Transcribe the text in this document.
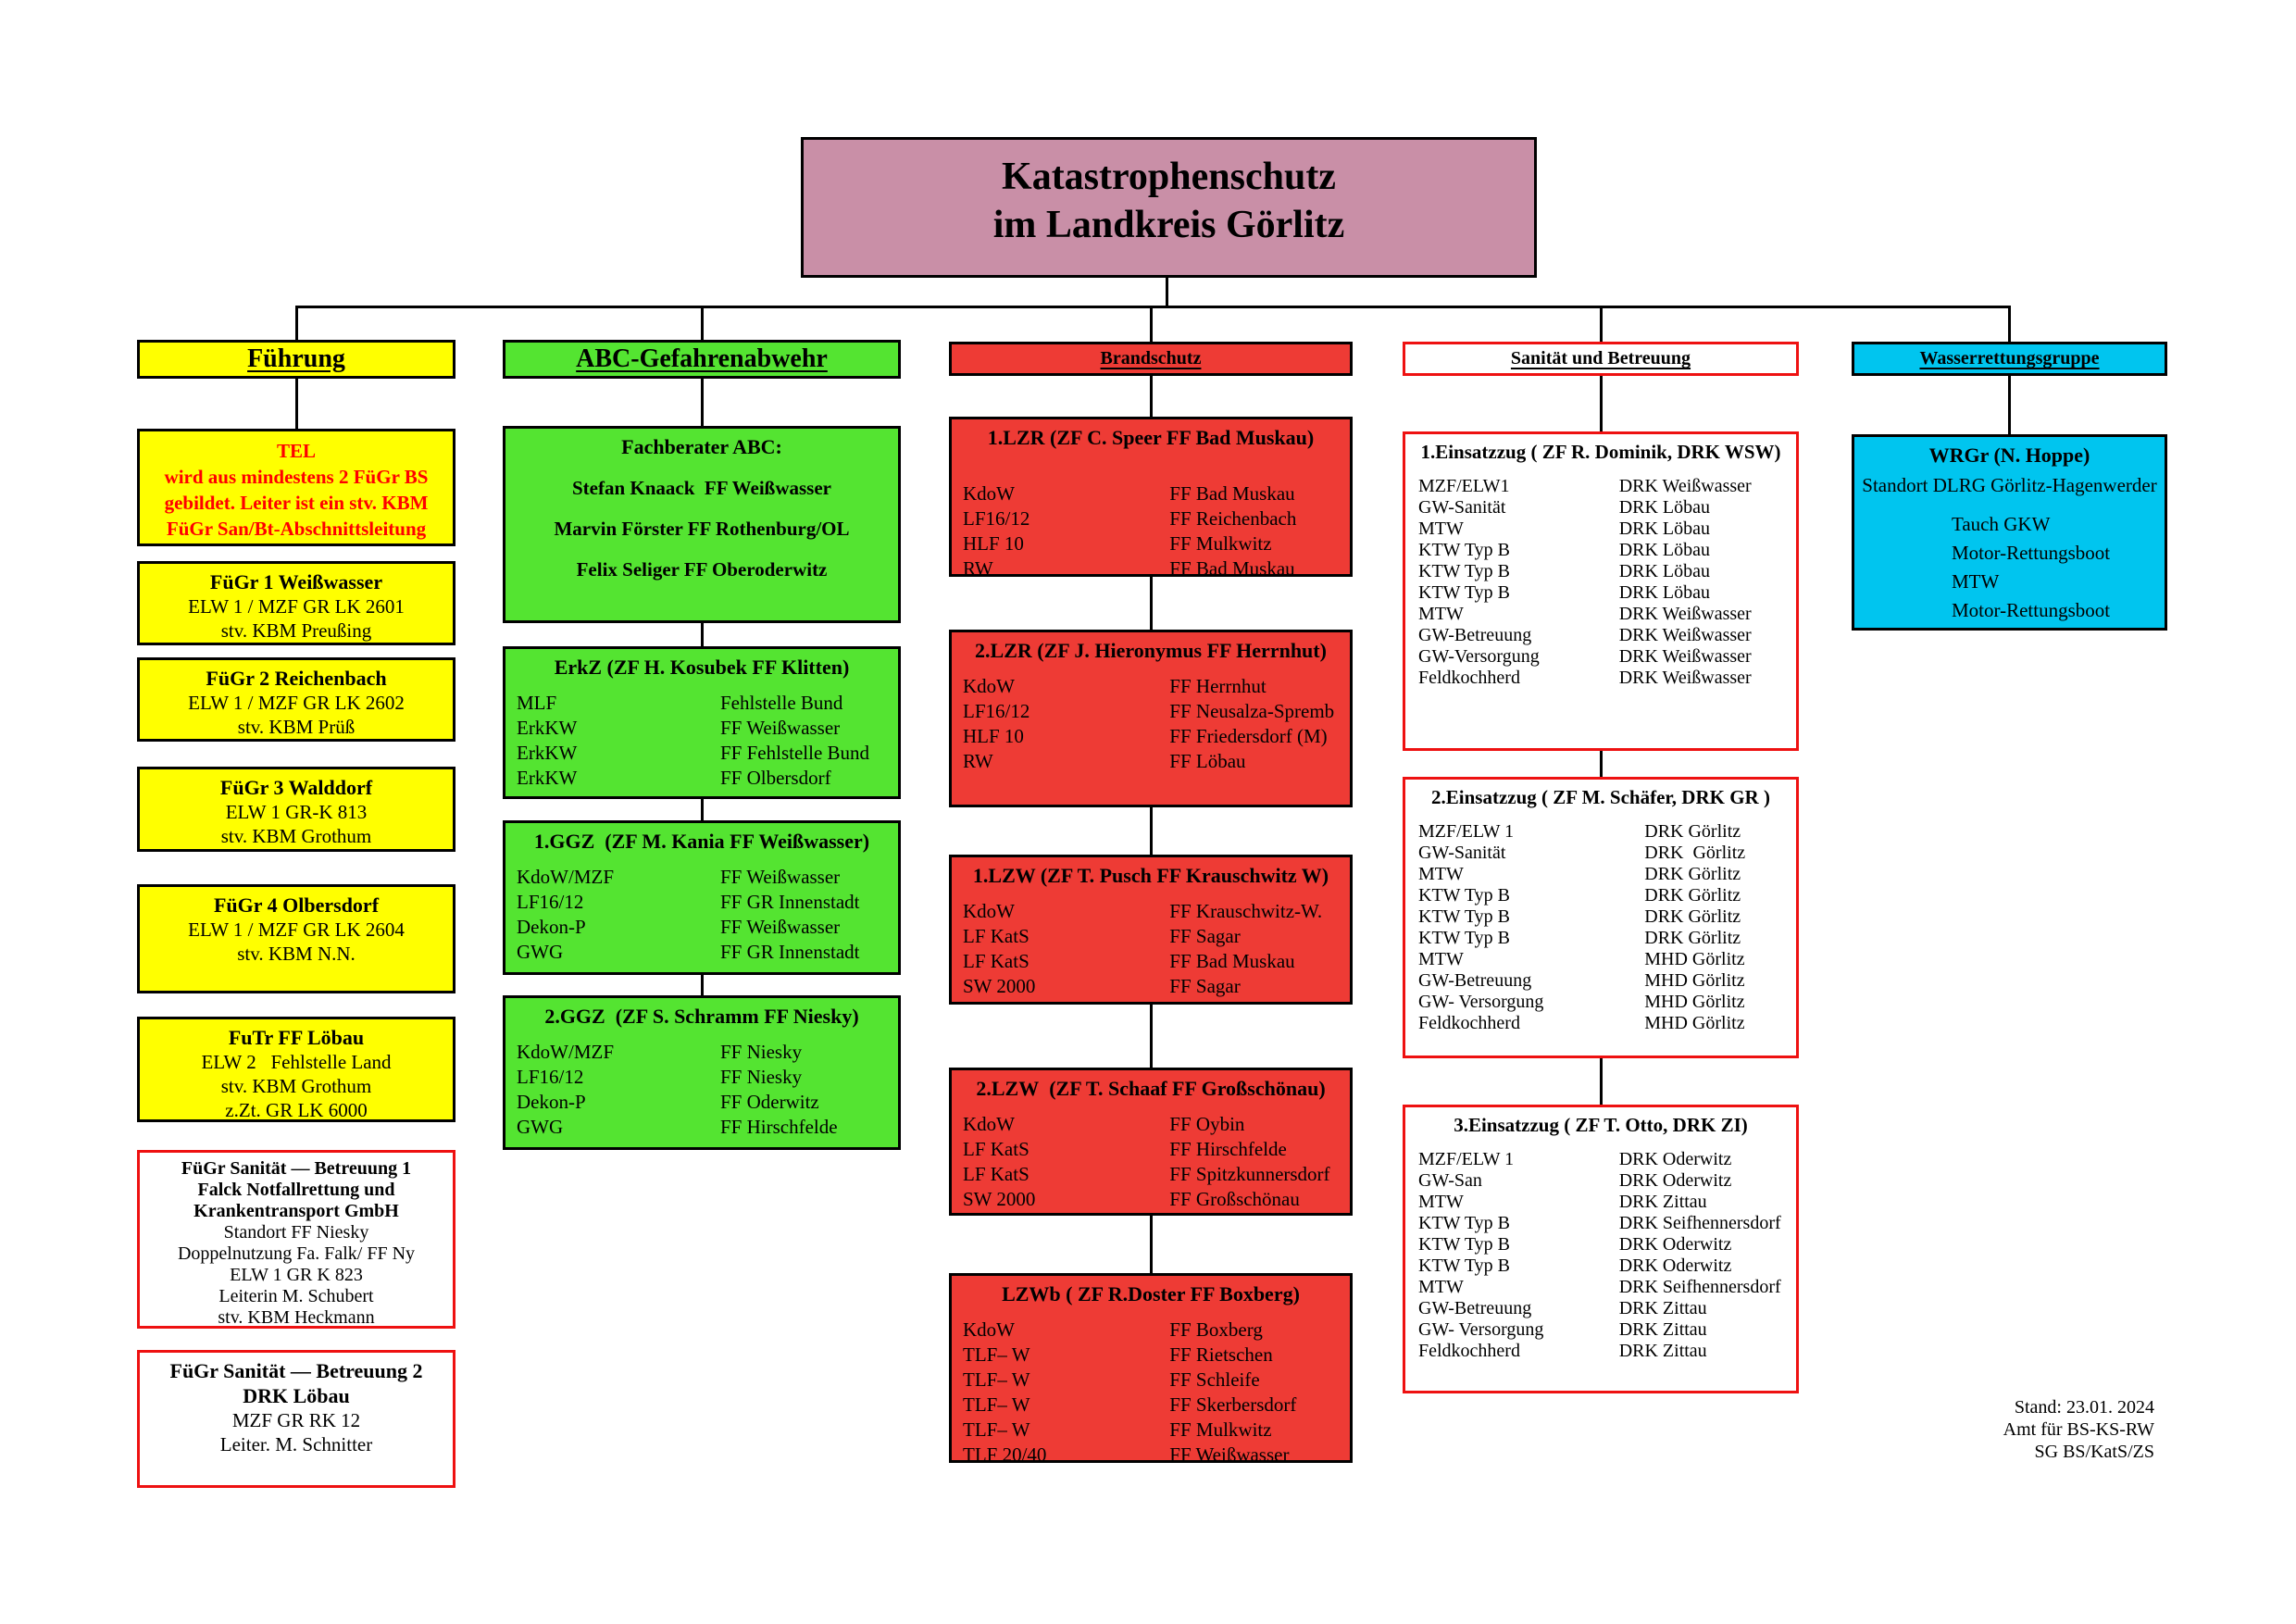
Katastrophenschutz
im Landkreis Görlitz
Führung	ABC-Gefahrenabwehr	Brandschutz	Sanität und Betreuung	Wasserrettungsgruppe
TEL
wird aus mindestens 2 FüGr BS
gebildet. Leiter ist ein stv. KBM
FüGr San/Bt-Abschnittsleitung
FüGr 1 Weißwasser
ELW 1 / MZF GR LK 2601
stv. KBM Preußing
FüGr 2 Reichenbach
ELW 1 / MZF GR LK 2602
stv. KBM Prüß
FüGr 3 Walddorf
ELW 1 GR-K 813
stv. KBM Grothum
FüGr 4 Olbersdorf
ELW 1 / MZF GR LK 2604
stv. KBM N.N.
FuTr FF Löbau
ELW 2   Fehlstelle Land
stv. KBM Grothum
z.Zt. GR LK 6000
FüGr Sanität — Betreuung 1
Falck Notfallrettung und
Krankentransport GmbH
Standort FF Niesky
Doppelnutzung Fa. Falk/ FF Ny
ELW 1 GR K 823
Leiterin M. Schubert
stv. KBM Heckmann
FüGr Sanität — Betreuung 2
DRK Löbau
MZF GR RK 12
Leiter. M. Schnitter
Fachberater ABC:
Stefan Knaack  FF Weißwasser
Marvin Förster FF Rothenburg/OL
Felix Seliger FF Oberoderwitz
ErkZ (ZF H. Kosubek FF Klitten)
MLF	Fehlstelle Bund
ErkKW	FF Weißwasser
ErkKW	FF Fehlstelle Bund
ErkKW	FF Olbersdorf
1.GGZ  (ZF M. Kania FF Weißwasser)
KdoW/MZF	FF Weißwasser
LF16/12	FF GR Innenstadt
Dekon-P	FF Weißwasser
GWG	FF GR Innenstadt
2.GGZ  (ZF S. Schramm FF Niesky)
KdoW/MZF	FF Niesky
LF16/12	FF Niesky
Dekon-P	FF Oderwitz
GWG	FF Hirschfelde
1.LZR (ZF C. Speer FF Bad Muskau)
KdoW	FF Bad Muskau
LF16/12	FF Reichenbach
HLF 10	FF Mulkwitz
RW	FF Bad Muskau
2.LZR (ZF J. Hieronymus FF Herrnhut)
KdoW	FF Herrnhut
LF16/12	FF Neusalza-Spremb
HLF 10	FF Friedersdorf (M)
RW	FF Löbau
1.LZW (ZF T. Pusch FF Krauschwitz W)
KdoW	FF Krauschwitz-W.
LF KatS	FF Sagar
LF KatS	FF Bad Muskau
SW 2000	FF Sagar
2.LZW  (ZF T. Schaaf FF Großschönau)
KdoW	FF Oybin
LF KatS	FF Hirschfelde
LF KatS	FF Spitzkunnersdorf
SW 2000	FF Großschönau
LZWb ( ZF R.Doster FF Boxberg)
KdoW	FF Boxberg
TLF– W	FF Rietschen
TLF– W	FF Schleife
TLF– W	FF Skerbersdorf
TLF– W	FF Mulkwitz
TLF 20/40	FF Weißwasser
1.Einsatzzug ( ZF R. Dominik, DRK WSW)
MZF/ELW1	DRK Weißwasser
GW-Sanität	DRK Löbau
MTW	DRK Löbau
KTW Typ B	DRK Löbau
KTW Typ B	DRK Löbau
KTW Typ B	DRK Löbau
MTW	DRK Weißwasser
GW-Betreuung	DRK Weißwasser
GW-Versorgung	DRK Weißwasser
Feldkochherd	DRK Weißwasser
2.Einsatzzug ( ZF M. Schäfer, DRK GR )
MZF/ELW 1	DRK Görlitz
GW-Sanität	DRK  Görlitz
MTW	DRK Görlitz
KTW Typ B	DRK Görlitz
KTW Typ B	DRK Görlitz
KTW Typ B	DRK Görlitz
MTW	MHD Görlitz
GW-Betreuung	MHD Görlitz
GW- Versorgung	MHD Görlitz
Feldkochherd	MHD Görlitz
3.Einsatzzug ( ZF T. Otto, DRK ZI)
MZF/ELW 1	DRK Oderwitz
GW-San	DRK Oderwitz
MTW	DRK Zittau
KTW Typ B	DRK Seifhennersdorf
KTW Typ B	DRK Oderwitz
KTW Typ B	DRK Oderwitz
MTW	DRK Seifhennersdorf
GW-Betreuung	DRK Zittau
GW- Versorgung	DRK Zittau
Feldkochherd	DRK Zittau
WRGr (N. Hoppe)
Standort DLRG Görlitz-Hagenwerder
Tauch GKW
Motor-Rettungsboot
MTW
Motor-Rettungsboot
Stand: 23.01. 2024
Amt für BS-KS-RW
SG BS/KatS/ZS
